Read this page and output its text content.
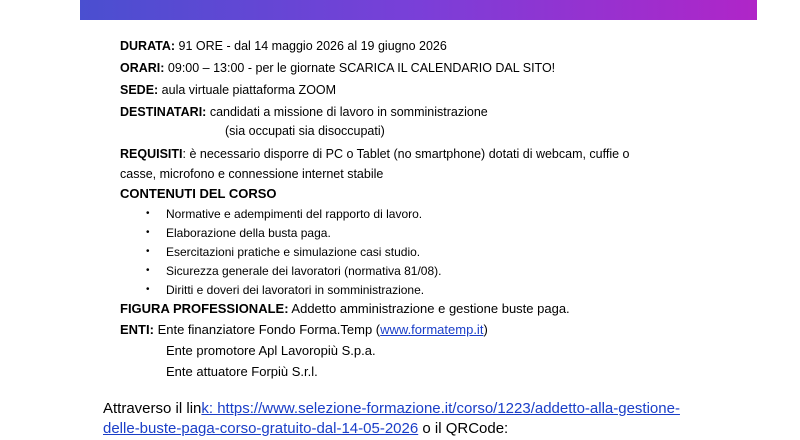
DURATA: 91 ORE - dal 14 maggio 2026 al 19 giugno 2026
ORARI: 09:00 – 13:00 - per le giornate SCARICA IL CALENDARIO DAL SITO!
SEDE: aula virtuale piattaforma ZOOM
DESTINATARI: candidati a missione di lavoro in somministrazione
(sia occupati sia disoccupati)
REQUISITI: è necessario disporre di PC o Tablet (no smartphone) dotati di webcam, cuffie o
casse, microfono e connessione internet stabile
CONTENUTI DEL CORSO
• Normative e adempimenti del rapporto di lavoro.
• Elaborazione della busta paga.
• Esercitazioni pratiche e simulazione casi studio.
• Sicurezza generale dei lavoratori (normativa 81/08).
• Diritti e doveri dei lavoratori in somministrazione.
FIGURA PROFESSIONALE: Addetto amministrazione e gestione buste paga.
ENTI: Ente finanziatore Fondo Forma.Temp (www.formatemp.it)
Ente promotore Apl Lavoropiù S.p.a.
Ente attuatore Forpiù S.r.l.
Attraverso il link: https://www.selezione-formazione.it/corso/1223/addetto-alla-gestione-
delle-buste-paga-corso-gratuito-dal-14-05-2026 o il QRCode:
